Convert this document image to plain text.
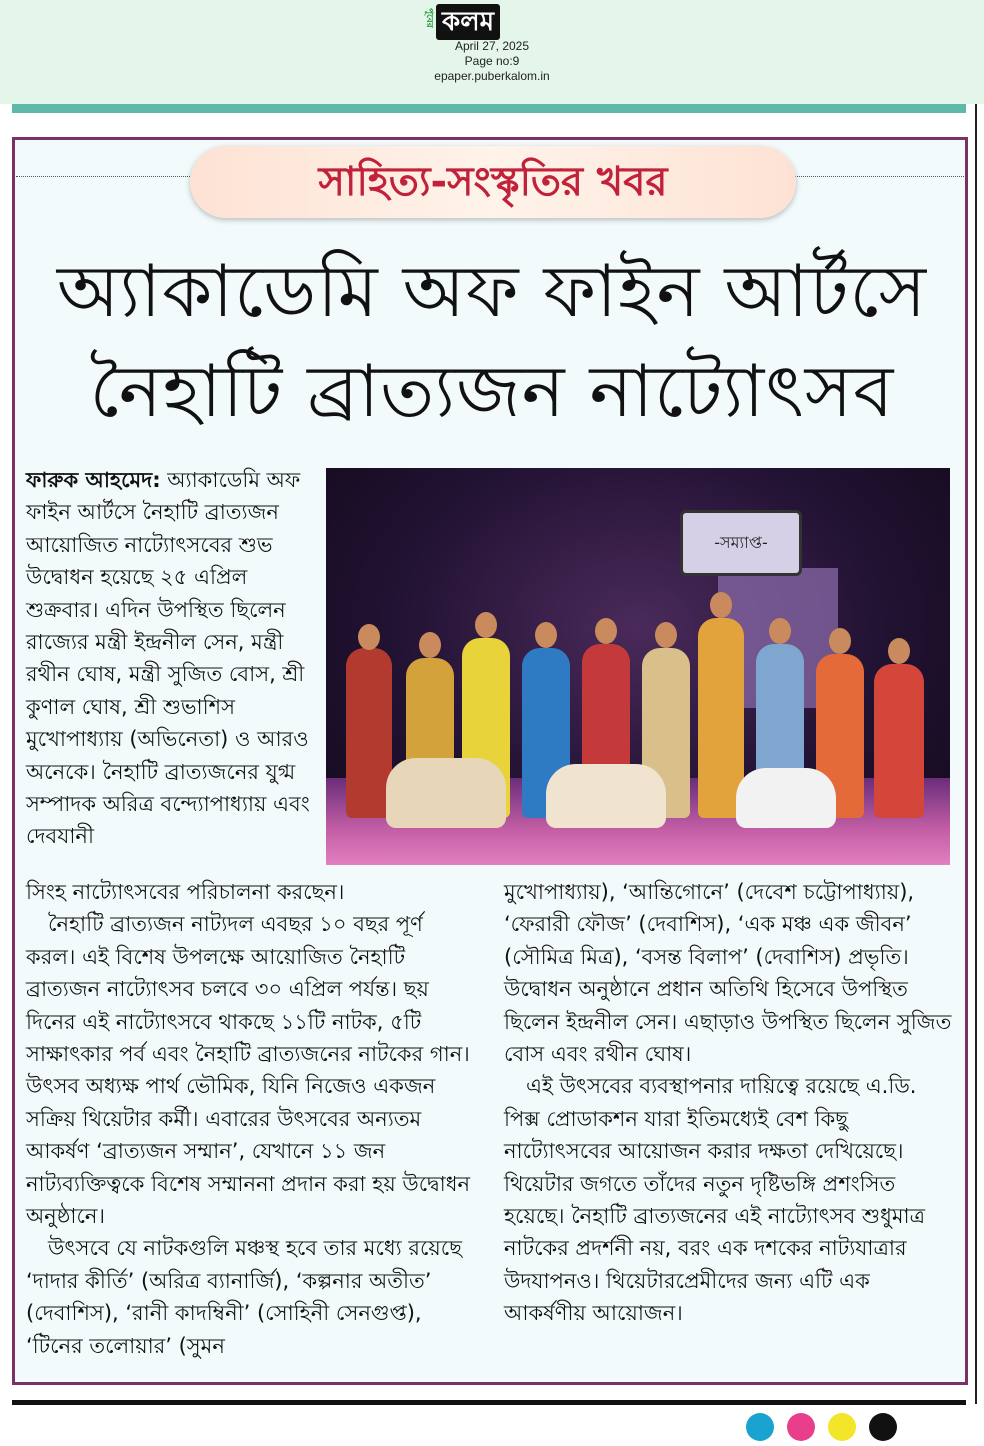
পূবের কলম
April 27, 2025
Page no:9
epaper.puberkalom.in
সাহিত্য-সংস্কৃতির খবর
অ্যাকাডেমি অফ ফাইন আর্টসে
নৈহাটি ব্রাত্যজন নাট্যোৎসব

ফারুক আহমেদ: অ্যাকাডেমি অফ ফাইন আর্টসে নৈহাটি ব্রাত্যজন আয়োজিত নাট্যোৎসবের শুভ উদ্বোধন হয়েছে ২৫ এপ্রিল শুক্রবার। এদিন উপস্থিত ছিলেন রাজ্যের মন্ত্রী ইন্দ্রনীল সেন, মন্ত্রী রথীন ঘোষ, মন্ত্রী সুজিত বোস, শ্রী কুণাল ঘোষ, শ্রী শুভাশিস মুখোপাধ্যায় (অভিনেতা) ও আরও অনেকে। নৈহাটি ব্রাত্যজনের যুগ্ম সম্পাদক অরিত্র বন্দ্যোপাধ্যায় এবং দেবযানী

-সম্যাপ্ত-

সিংহ নাট্যোৎসবের পরিচালনা করছেন।

নৈহাটি ব্রাত্যজন নাট্যদল এবছর ১০ বছর পূর্ণ করল। এই বিশেষ উপলক্ষে আয়োজিত নৈহাটি ব্রাত্যজন নাট্যোৎসব চলবে ৩০ এপ্রিল পর্যন্ত। ছয় দিনের এই নাট্যোৎসবে থাকছে ১১টি নাটক, ৫টি সাক্ষাৎকার পর্ব এবং নৈহাটি ব্রাত্যজনের নাটকের গান। উৎসব অধ্যক্ষ পার্থ ভৌমিক, যিনি নিজেও একজন সক্রিয় থিয়েটার কর্মী। এবারের উৎসবের অন্যতম আকর্ষণ ‘ব্রাত্যজন সম্মান’, যেখানে ১১ জন নাট্যব্যক্তিত্বকে বিশেষ সম্মাননা প্রদান করা হয় উদ্বোধন অনুষ্ঠানে।

উৎসবে যে নাটকগুলি মঞ্চস্থ হবে তার মধ্যে রয়েছে ‘দাদার কীর্তি’ (অরিত্র ব্যানার্জি), ‘কল্পনার অতীত’ (দেবাশিস), ‘রানী কাদম্বিনী’ (সোহিনী সেনগুপ্ত), ‘টিনের তলোয়ার’ (সুমন

মুখোপাধ্যায়), ‘আন্তিগোনে’ (দেবেশ চট্টোপাধ্যায়), ‘ফেরারী ফৌজ’ (দেবাশিস), ‘এক মঞ্চ এক জীবন’ (সৌমিত্র মিত্র), ‘বসন্ত বিলাপ’ (দেবাশিস) প্রভৃতি। উদ্বোধন অনুষ্ঠানে প্রধান অতিথি হিসেবে উপস্থিত ছিলেন ইন্দ্রনীল সেন। এছাড়াও উপস্থিত ছিলেন সুজিত বোস এবং রথীন ঘোষ।

এই উৎসবের ব্যবস্থাপনার দায়িত্বে রয়েছে এ.ডি. পিক্স প্রোডাকশন যারা ইতিমধ্যেই বেশ কিছু নাট্যোৎসবের আয়োজন করার দক্ষতা দেখিয়েছে। থিয়েটার জগতে তাঁদের নতুন দৃষ্টিভঙ্গি প্রশংসিত হয়েছে। নৈহাটি ব্রাত্যজনের এই নাট্যোৎসব শুধুমাত্র নাটকের প্রদর্শনী নয়, বরং এক দশকের নাট্যযাত্রার উদযাপনও। থিয়েটারপ্রেমীদের জন্য এটি এক আকর্ষণীয় আয়োজন।
